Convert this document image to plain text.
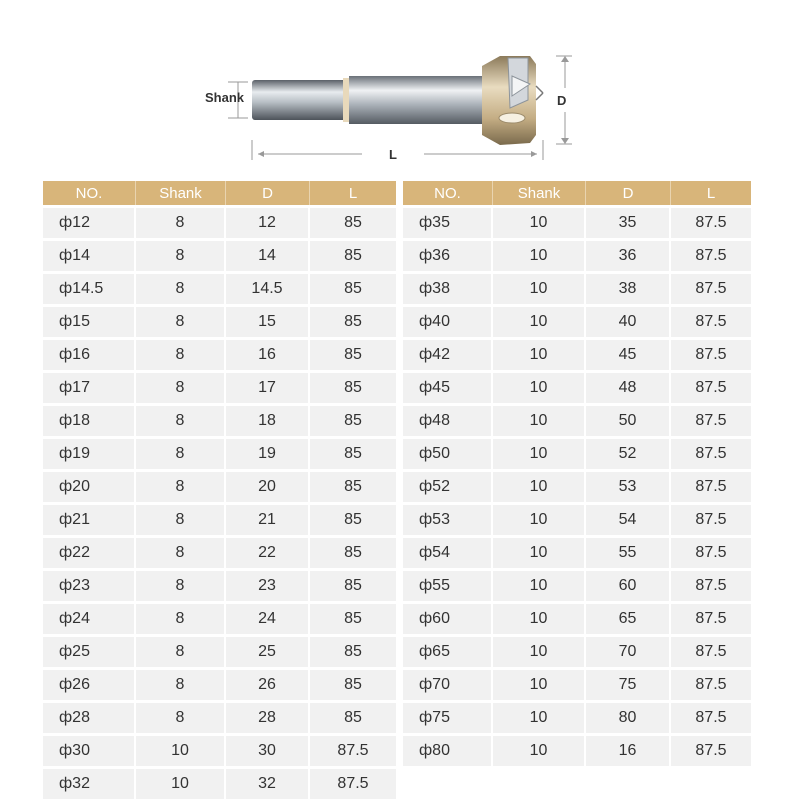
Shank	D
L
NO.	Shank	D	L
ф12	8	12	85
ф14	8	14	85
ф14.5	8	14.5	85
ф15	8	15	85
ф16	8	16	85
ф17	8	17	85
ф18	8	18	85
ф19	8	19	85
ф20	8	20	85
ф21	8	21	85
ф22	8	22	85
ф23	8	23	85
ф24	8	24	85
ф25	8	25	85
ф26	8	26	85
ф28	8	28	85
ф30	10	30	87.5
ф32	10	32	87.5
NO.	Shank	D	L
ф35	10	35	87.5
ф36	10	36	87.5
ф38	10	38	87.5
ф40	10	40	87.5
ф42	10	45	87.5
ф45	10	48	87.5
ф48	10	50	87.5
ф50	10	52	87.5
ф52	10	53	87.5
ф53	10	54	87.5
ф54	10	55	87.5
ф55	10	60	87.5
ф60	10	65	87.5
ф65	10	70	87.5
ф70	10	75	87.5
ф75	10	80	87.5
ф80	10	16	87.5
